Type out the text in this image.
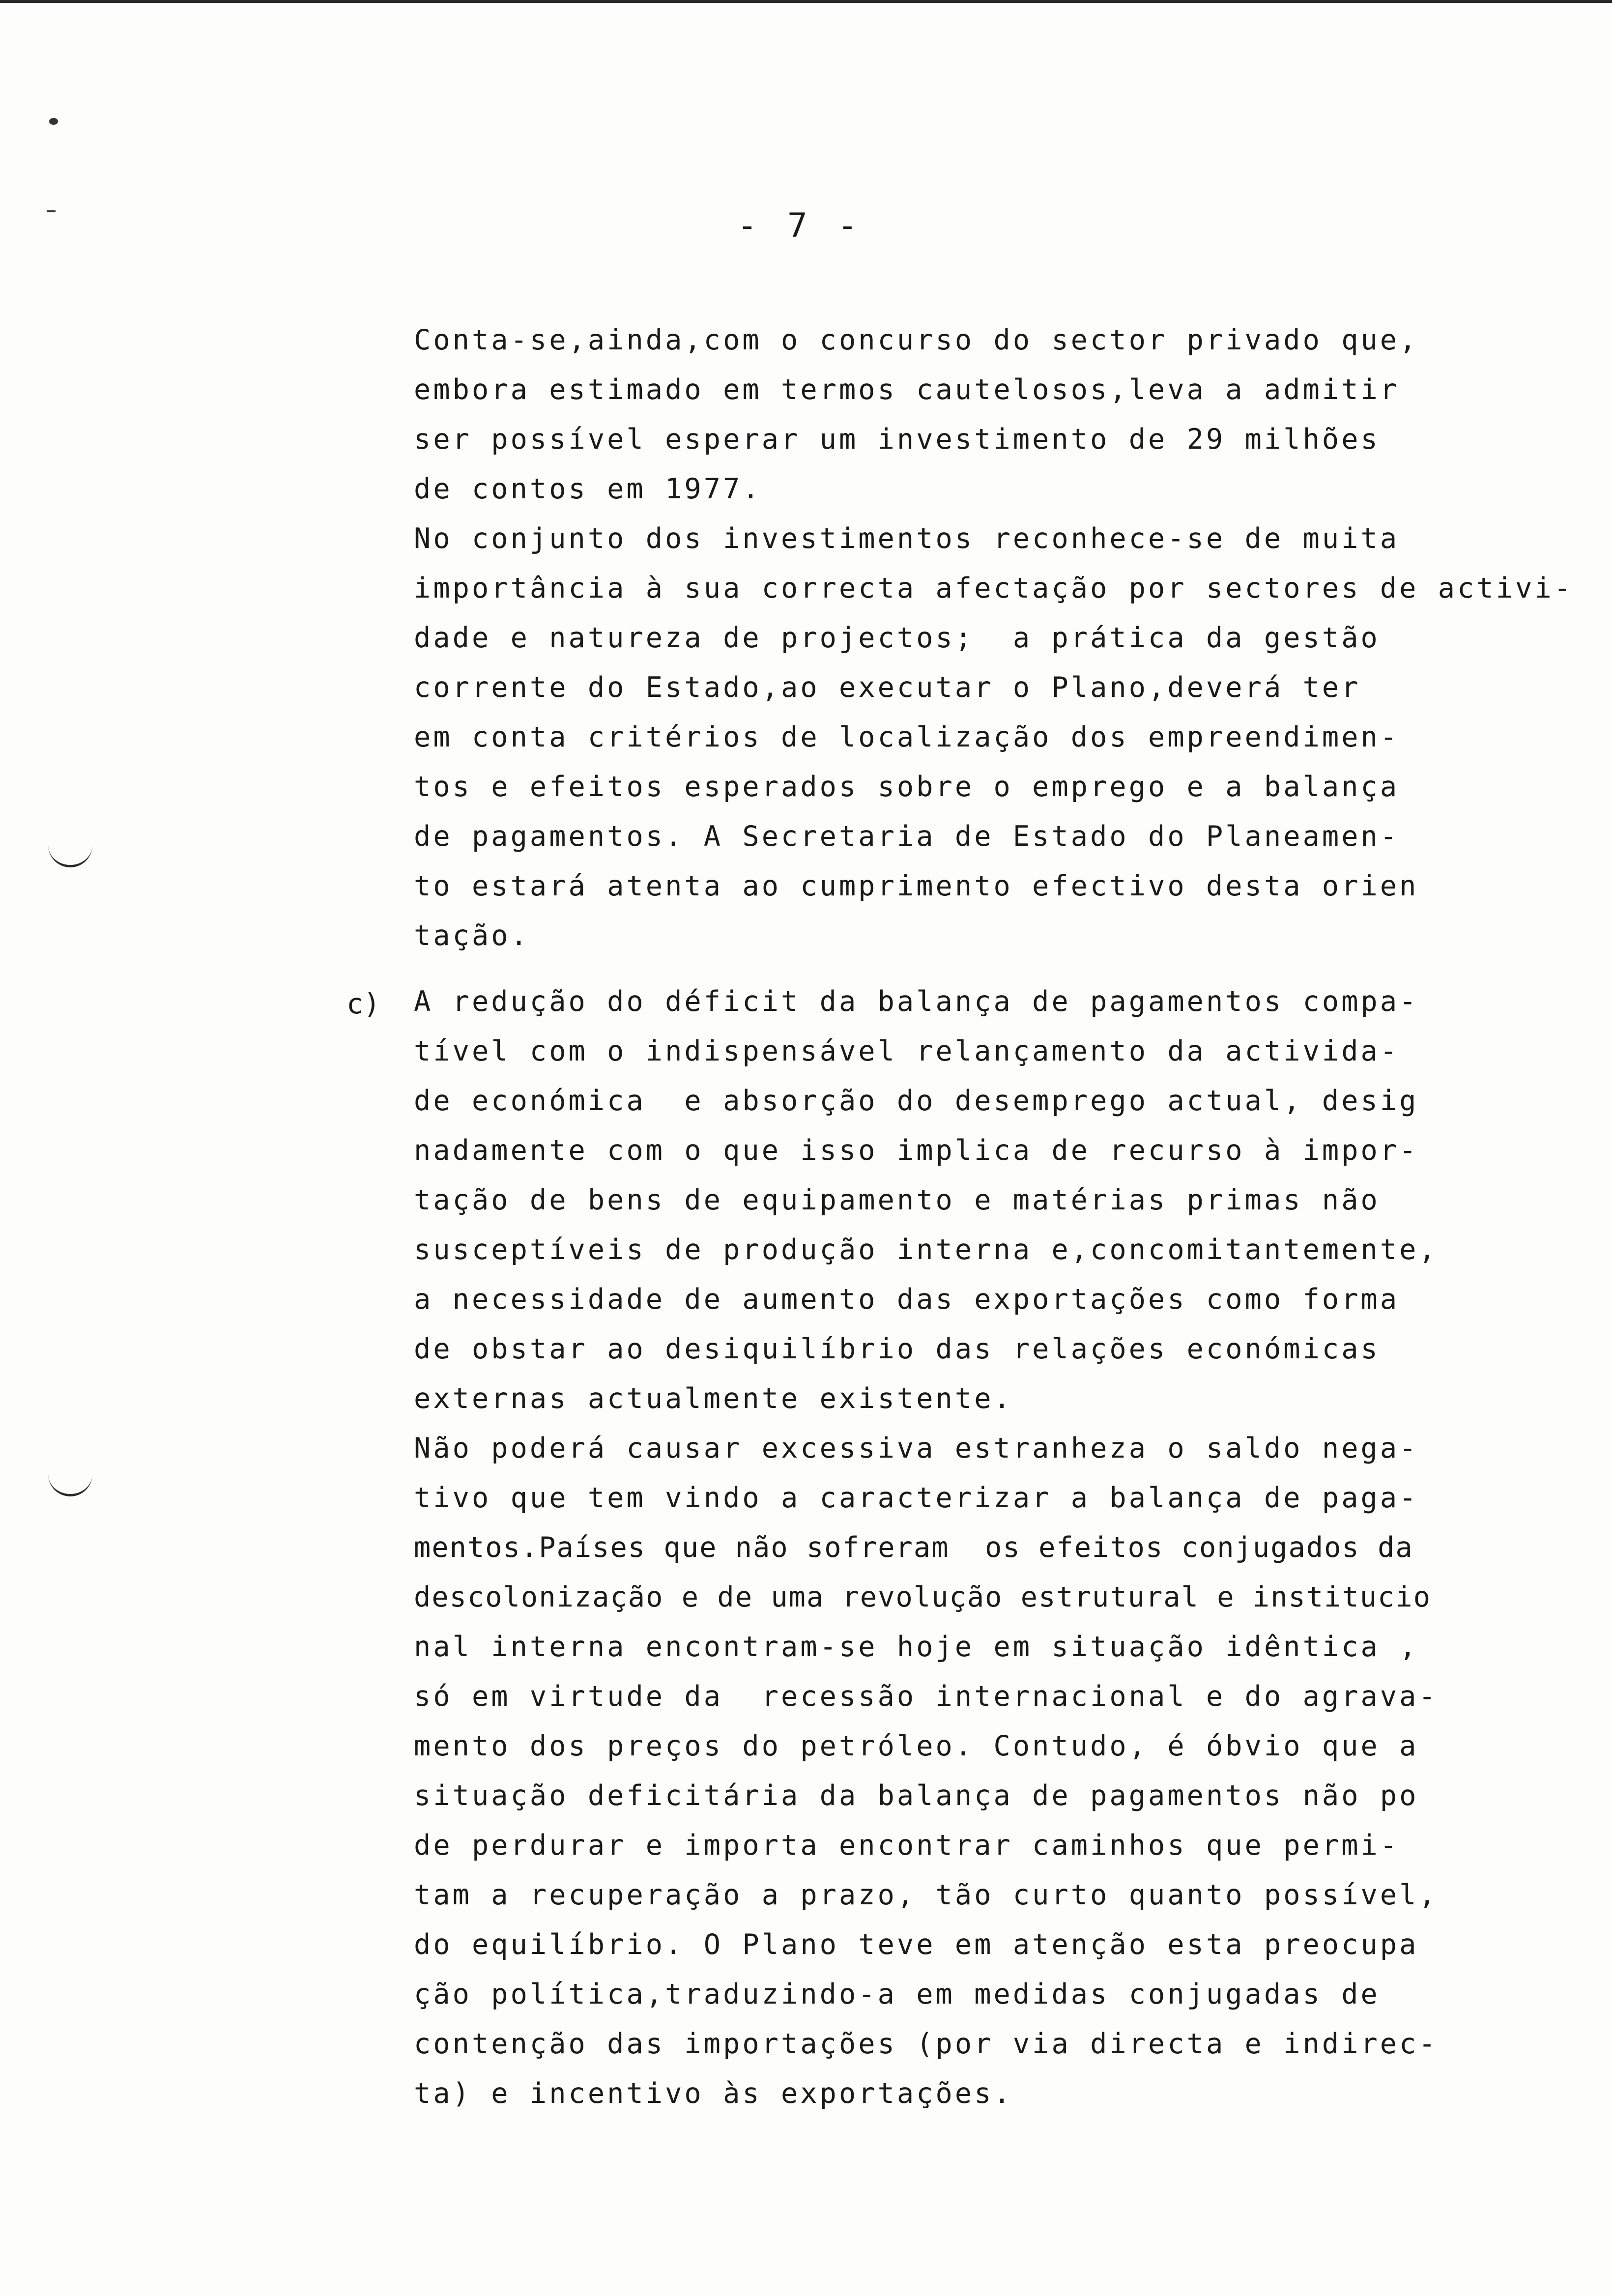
- 7 -
Conta-se,ainda,com o concurso do sector privado que,
embora estimado em termos cautelosos,leva a admitir
ser possível esperar um investimento de 29 milhões
de contos em 1977.
No conjunto dos investimentos reconhece-se de muita
importância à sua correcta afectação por sectores de activi-
dade e natureza de projectos;  a prática da gestão
corrente do Estado,ao executar o Plano,deverá ter
em conta critérios de localização dos empreendimen-
tos e efeitos esperados sobre o emprego e a balança
de pagamentos. A Secretaria de Estado do Planeamen-
to estará atenta ao cumprimento efectivo desta orien
tação.
c) A redução do déficit da balança de pagamentos compa-
tível com o indispensável relançamento da activida-
de económica  e absorção do desemprego actual, desig
nadamente com o que isso implica de recurso à impor-
tação de bens de equipamento e matérias primas não
susceptíveis de produção interna e,concomitantemente,
a necessidade de aumento das exportações como forma
de obstar ao desiquilíbrio das relações económicas
externas actualmente existente.
Não poderá causar excessiva estranheza o saldo nega-
tivo que tem vindo a caracterizar a balança de paga-
mentos.Países que não sofreram  os efeitos conjugados da
descolonização e de uma revolução estrutural e institucio
nal interna encontram-se hoje em situação idêntica ,
só em virtude da  recessão internacional e do agrava-
mento dos preços do petróleo. Contudo, é óbvio que a
situação deficitária da balança de pagamentos não po
de perdurar e importa encontrar caminhos que permi-
tam a recuperação a prazo, tão curto quanto possível,
do equilíbrio. O Plano teve em atenção esta preocupa
ção política,traduzindo-a em medidas conjugadas de
contenção das importações (por via directa e indirec-
ta) e incentivo às exportações.
